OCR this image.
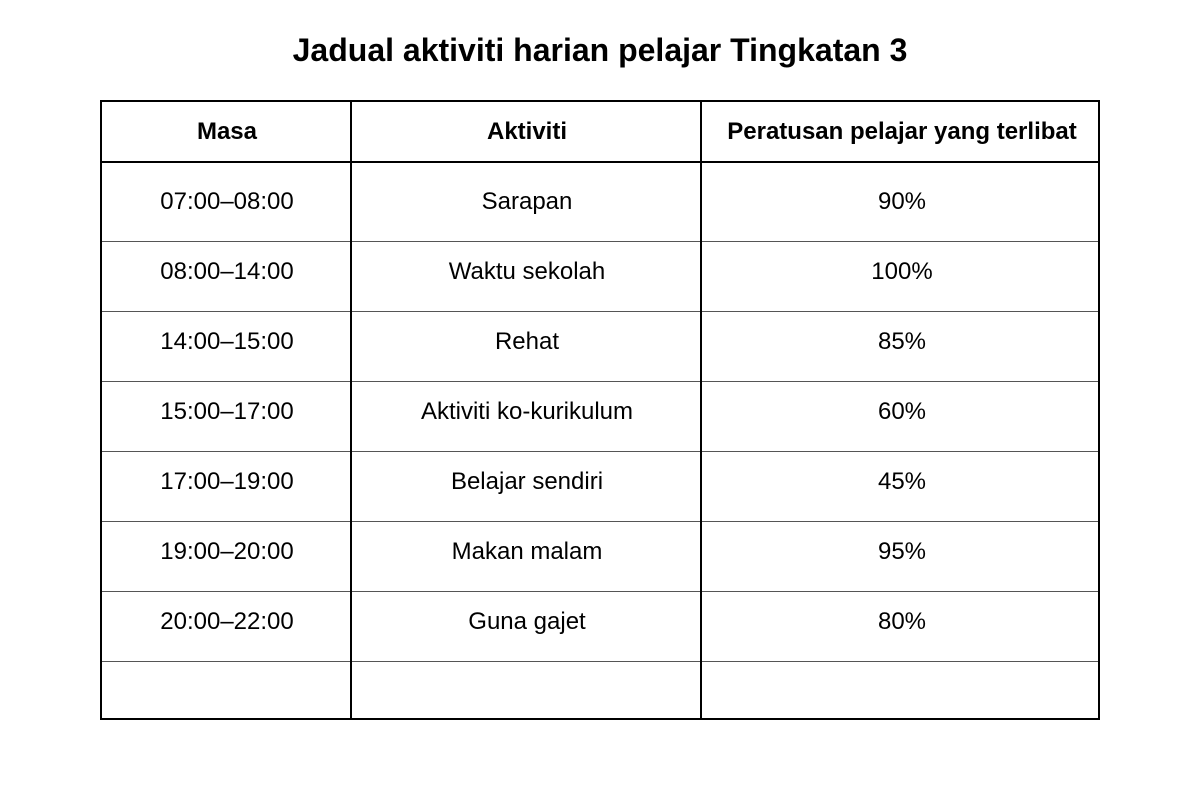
Jadual aktiviti harian pelajar Tingkatan 3
Masa	Aktiviti	Peratusan pelajar yang terlibat
07:00–08:00	Sarapan	90%
08:00–14:00	Waktu sekolah	100%
14:00–15:00	Rehat	85%
15:00–17:00	Aktiviti ko-kurikulum	60%
17:00–19:00	Belajar sendiri	45%
19:00–20:00	Makan malam	95%
20:00–22:00	Guna gajet	80%
